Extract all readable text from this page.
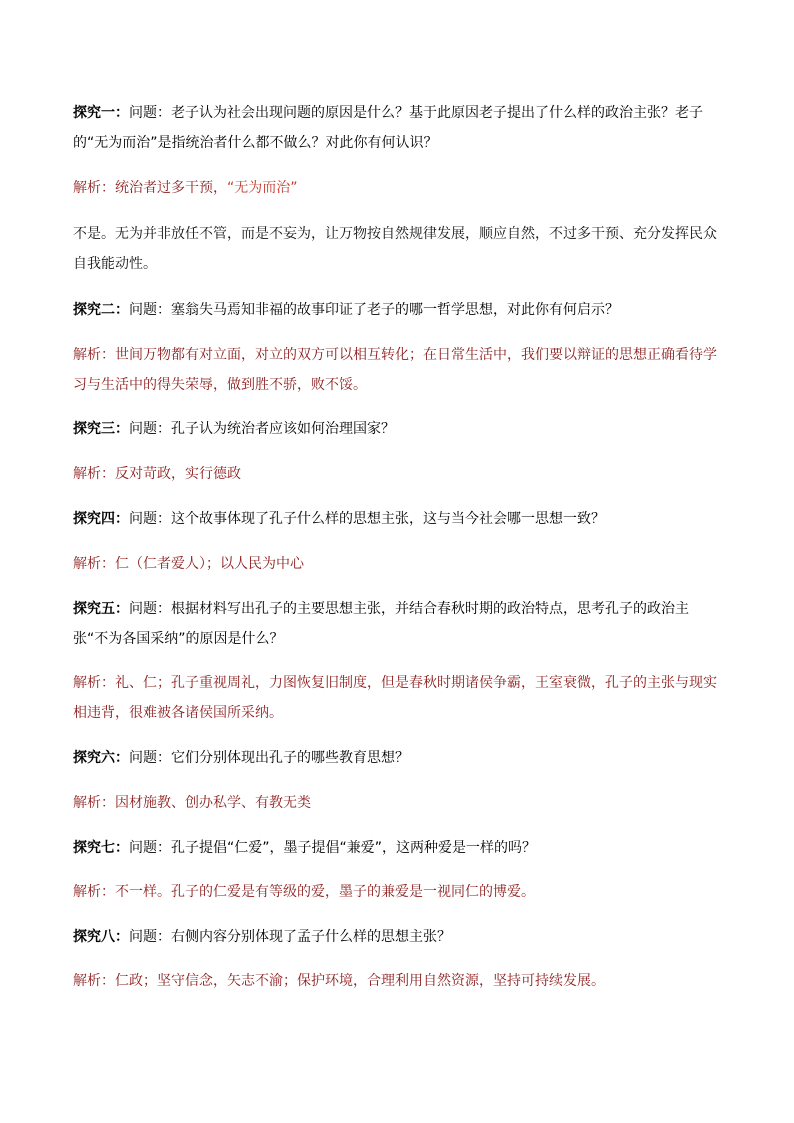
探究一：问题：老子认为社会出现问题的原因是什么？基于此原因老子提出了什么样的政治主张？老子的“无为而治”是指统治者什么都不做么？对此你有何认识？

解析：统治者过多干预，“无为而治”

不是。无为并非放任不管，而是不妄为，让万物按自然规律发展，顺应自然，不过多干预、充分发挥民众自我能动性。

探究二：问题：塞翁失马焉知非福的故事印证了老子的哪一哲学思想，对此你有何启示？

解析：世间万物都有对立面，对立的双方可以相互转化；在日常生活中，我们要以辩证的思想正确看待学习与生活中的得失荣辱，做到胜不骄，败不馁。

探究三：问题：孔子认为统治者应该如何治理国家？

解析：反对苛政，实行德政

探究四：问题：这个故事体现了孔子什么样的思想主张，这与当今社会哪一思想一致？

解析：仁（仁者爱人）；以人民为中心

探究五：问题：根据材料写出孔子的主要思想主张，并结合春秋时期的政治特点，思考孔子的政治主张“不为各国采纳”的原因是什么？

解析：礼、仁；孔子重视周礼，力图恢复旧制度，但是春秋时期诸侯争霸，王室衰微，孔子的主张与现实相违背，很难被各诸侯国所采纳。

探究六：问题：它们分别体现出孔子的哪些教育思想？

解析：因材施教、创办私学、有教无类

探究七：问题：孔子提倡“仁爱”，墨子提倡“兼爱”，这两种爱是一样的吗？

解析：不一样。孔子的仁爱是有等级的爱，墨子的兼爱是一视同仁的博爱。

探究八：问题：右侧内容分别体现了孟子什么样的思想主张？

解析：仁政；坚守信念，矢志不渝；保护环境，合理利用自然资源，坚持可持续发展。
